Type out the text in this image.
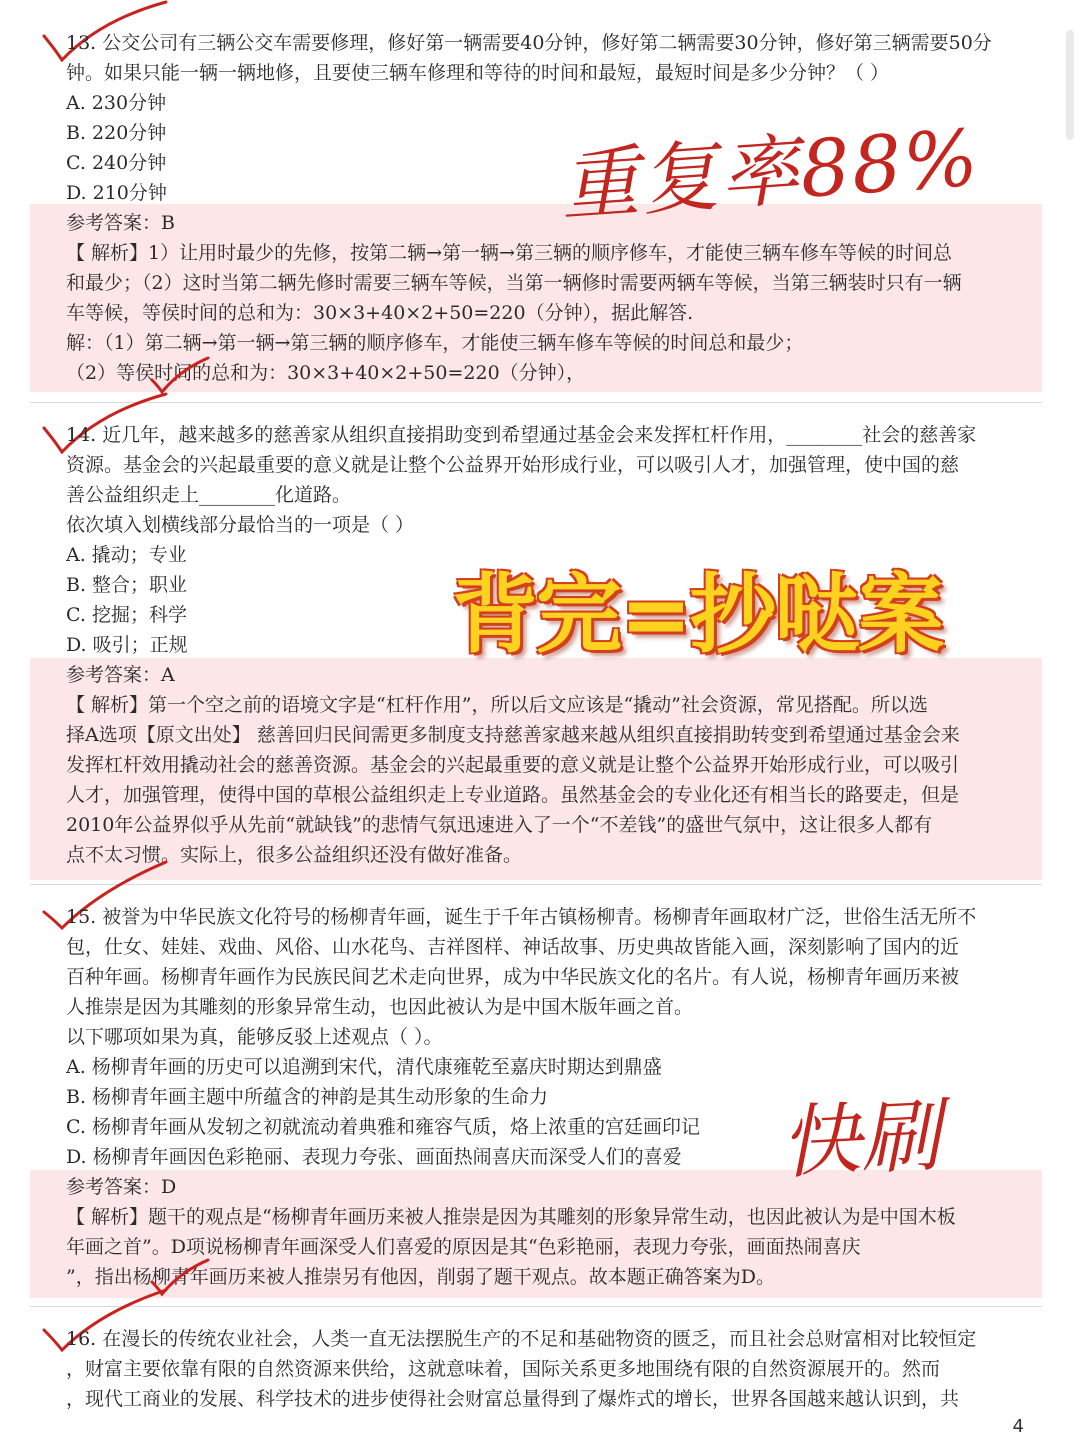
13. 公交公司有三辆公交车需要修理，修好第一辆需要40分钟，修好第二辆需要30分钟，修好第三辆需要50分
钟。如果只能一辆一辆地修，且要使三辆车修理和等待的时间和最短，最短时间是多少分钟？（ ）
A. 230分钟
B. 220分钟
C. 240分钟
D. 210分钟
参考答案：B
【 解析】1）让用时最少的先修，按第二辆→第一辆→第三辆的顺序修车，才能使三辆车修车等候的时间总
和最少；（2）这时当第二辆先修时需要三辆车等候，当第一辆修时需要两辆车等候，当第三辆装时只有一辆
车等候，等侯时间的总和为：30×3+40×2+50=220（分钟），据此解答.
解：（1）第二辆→第一辆→第三辆的顺序修车，才能使三辆车修车等候的时间总和最少；
（2）等侯时间的总和为：30×3+40×2+50=220（分钟），
14. 近几年，越来越多的慈善家从组织直接捐助变到希望通过基金会来发挥杠杆作用，________社会的慈善家
资源。基金会的兴起最重要的意义就是让整个公益界开始形成行业，可以吸引人才，加强管理，使中国的慈
善公益组织走上________化道路。
依次填入划横线部分最恰当的一项是（ ）
A. 撬动；专业
B. 整合；职业
C. 挖掘；科学
D. 吸引；正规
参考答案：A
【 解析】第一个空之前的语境文字是“杠杆作用”，所以后文应该是“撬动”社会资源，常见搭配。所以选
择A选项【原文出处】 慈善回归民间需更多制度支持慈善家越来越从组织直接捐助转变到希望通过基金会来
发挥杠杆效用撬动社会的慈善资源。基金会的兴起最重要的意义就是让整个公益界开始形成行业，可以吸引
人才，加强管理，使得中国的草根公益组织走上专业道路。虽然基金会的专业化还有相当长的路要走，但是
2010年公益界似乎从先前“就缺钱”的悲情气氛迅速进入了一个“不差钱”的盛世气氛中，这让很多人都有
点不太习惯。实际上，很多公益组织还没有做好准备。
15. 被誉为中华民族文化符号的杨柳青年画，诞生于千年古镇杨柳青。杨柳青年画取材广泛，世俗生活无所不
包，仕女、娃娃、戏曲、风俗、山水花鸟、吉祥图样、神话故事、历史典故皆能入画，深刻影响了国内的近
百种年画。杨柳青年画作为民族民间艺术走向世界，成为中华民族文化的名片。有人说，杨柳青年画历来被
人推崇是因为其雕刻的形象异常生动，也因此被认为是中国木版年画之首。
以下哪项如果为真，能够反驳上述观点（ ）。
A. 杨柳青年画的历史可以追溯到宋代，清代康雍乾至嘉庆时期达到鼎盛
B. 杨柳青年画主题中所蕴含的神韵是其生动形象的生命力
C. 杨柳青年画从发轫之初就流动着典雅和雍容气质，烙上浓重的宫廷画印记
D. 杨柳青年画因色彩艳丽、表现力夸张、画面热闹喜庆而深受人们的喜爱
参考答案：D
【 解析】题干的观点是“杨柳青年画历来被人推崇是因为其雕刻的形象异常生动，也因此被认为是中国木板
年画之首”。D项说杨柳青年画深受人们喜爱的原因是其“色彩艳丽，表现力夸张，画面热闹喜庆
”，指出杨柳青年画历来被人推崇另有他因，削弱了题干观点。故本题正确答案为D。
16. 在漫长的传统农业社会，人类一直无法摆脱生产的不足和基础物资的匮乏，而且社会总财富相对比较恒定
，财富主要依靠有限的自然资源来供给，这就意味着，国际关系更多地围绕有限的自然资源展开的。然而
，现代工商业的发展、科学技术的进步使得社会财富总量得到了爆炸式的增长，世界各国越来越认识到，共
重复率88%
背完=抄哒案
快刷
4
